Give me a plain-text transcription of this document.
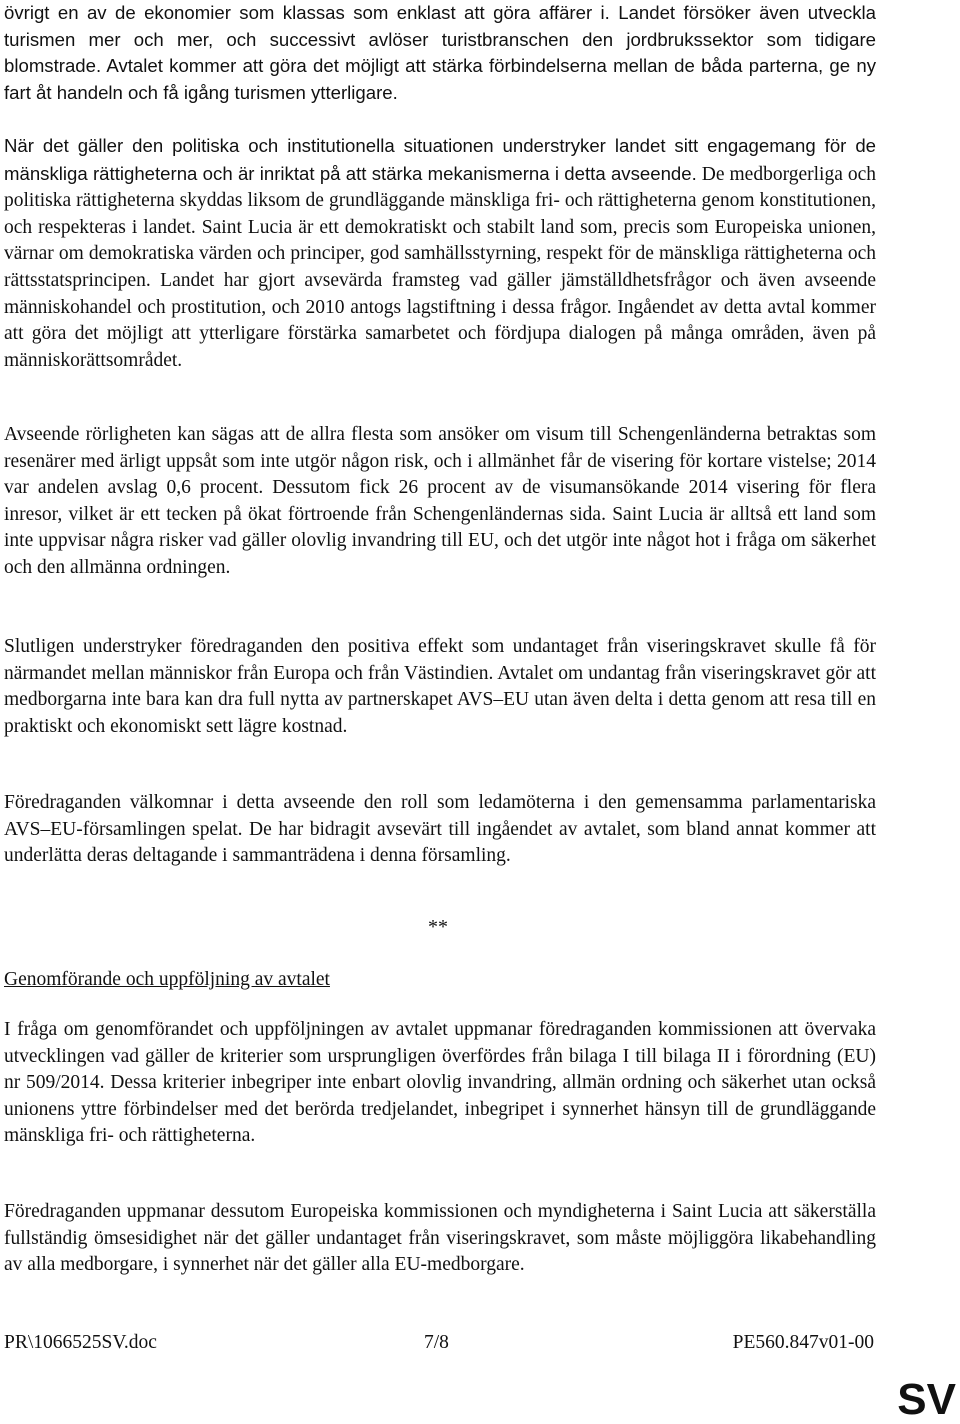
övrigt en av de ekonomier som klassas som enklast att göra affärer i. Landet försöker även utveckla turismen mer och mer, och successivt avlöser turistbranschen den jordbrukssektor som tidigare blomstrade. Avtalet kommer att göra det möjligt att stärka förbindelserna mellan de båda parterna, ge ny fart åt handeln och få igång turismen ytterligare.

När det gäller den politiska och institutionella situationen understryker landet sitt engagemang för de mänskliga rättigheterna och är inriktat på att stärka mekanismerna i detta avseende. De medborgerliga och politiska rättigheterna skyddas liksom de grundläggande mänskliga fri- och rättigheterna genom konstitutionen, och respekteras i landet. Saint Lucia är ett demokratiskt och stabilt land som, precis som Europeiska unionen, värnar om demokratiska värden och principer, god samhällsstyrning, respekt för de mänskliga rättigheterna och rättsstatsprincipen. Landet har gjort avsevärda framsteg vad gäller jämställdhetsfrågor och även avseende människohandel och prostitution, och 2010 antogs lagstiftning i dessa frågor. Ingåendet av detta avtal kommer att göra det möjligt att ytterligare förstärka samarbetet och fördjupa dialogen på många områden, även på människorättsområdet.

Avseende rörligheten kan sägas att de allra flesta som ansöker om visum till Schengenländerna betraktas som resenärer med ärligt uppsåt som inte utgör någon risk, och i allmänhet får de visering för kortare vistelse; 2014 var andelen avslag 0,6 procent. Dessutom fick 26 procent av de visumansökande 2014 visering för flera inresor, vilket är ett tecken på ökat förtroende från Schengenländernas sida. Saint Lucia är alltså ett land som inte uppvisar några risker vad gäller olovlig invandring till EU, och det utgör inte något hot i fråga om säkerhet och den allmänna ordningen.

Slutligen understryker föredraganden den positiva effekt som undantaget från viseringskravet skulle få för närmandet mellan människor från Europa och från Västindien. Avtalet om undantag från viseringskravet gör att medborgarna inte bara kan dra full nytta av partnerskapet AVS–EU utan även delta i detta genom att resa till en praktiskt och ekonomiskt sett lägre kostnad.

Föredraganden välkomnar i detta avseende den roll som ledamöterna i den gemensamma parlamentariska AVS–EU-församlingen spelat. De har bidragit avsevärt till ingåendet av avtalet, som bland annat kommer att underlätta deras deltagande i sammanträdena i denna församling.

**

Genomförande och uppföljning av avtalet

I fråga om genomförandet och uppföljningen av avtalet uppmanar föredraganden kommissionen att övervaka utvecklingen vad gäller de kriterier som ursprungligen överfördes från bilaga I till bilaga II i förordning (EU) nr 509/2014. Dessa kriterier inbegriper inte enbart olovlig invandring, allmän ordning och säkerhet utan också unionens yttre förbindelser med det berörda tredjelandet, inbegripet i synnerhet hänsyn till de grundläggande mänskliga fri- och rättigheterna.

Föredraganden uppmanar dessutom Europeiska kommissionen och myndigheterna i Saint Lucia att säkerställa fullständig ömsesidighet när det gäller undantaget från viseringskravet, som måste möjliggöra likabehandling av alla medborgare, i synnerhet när det gäller alla EU-medborgare.

PR\1066525SV.doc	7/8	PE560.847v01-00

SV
